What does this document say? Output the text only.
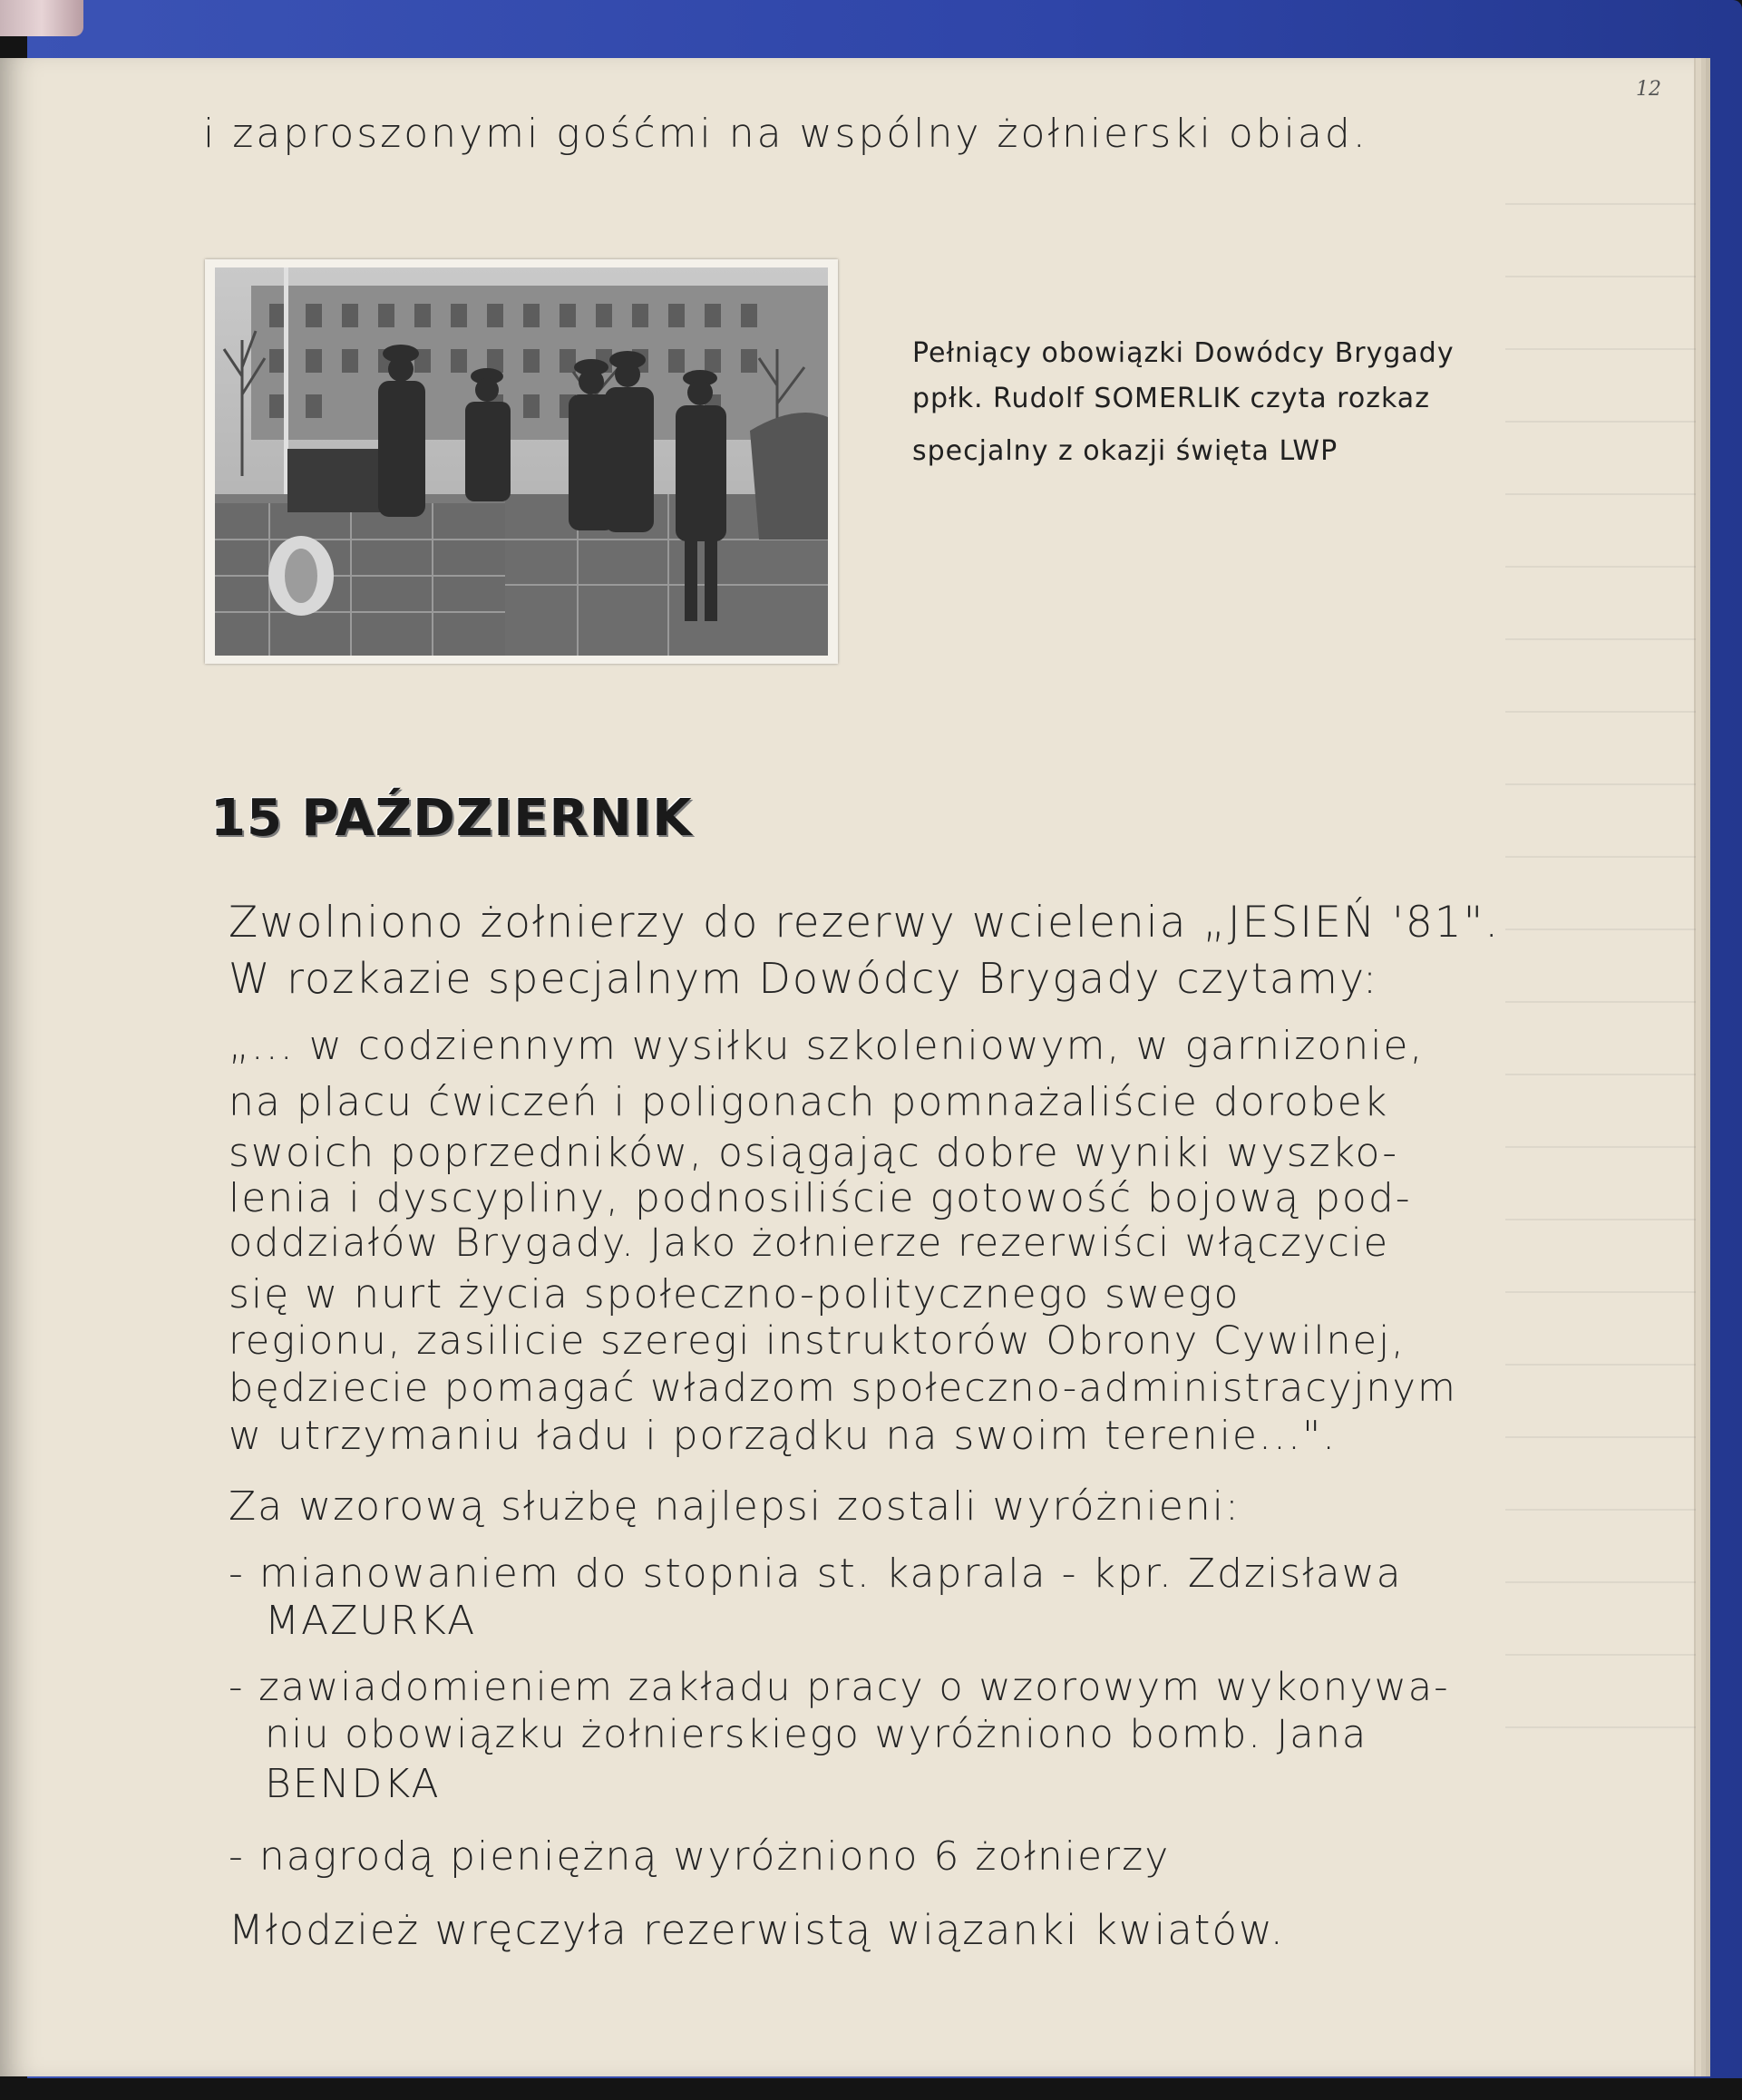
12
i zaproszonymi gośćmi na wspólny żołnierski obiad.
Pełniący obowiązki Dowódcy Brygady
ppłk. Rudolf SOMERLIK czyta rozkaz
specjalny z okazji święta LWP
15 PAŹDZIERNIK
Zwolniono żołnierzy do rezerwy wcielenia „JESIEŃ '81".
W rozkazie specjalnym Dowódcy Brygady czytamy:
„... w codziennym wysiłku szkoleniowym, w garnizonie,
na placu ćwiczeń i poligonach pomnażaliście dorobek
swoich poprzedników, osiągając dobre wyniki wyszko-
lenia i dyscypliny, podnosiliście gotowość bojową pod-
oddziałów Brygady. Jako żołnierze rezerwiści włączycie
się w nurt życia społeczno-politycznego swego
regionu, zasilicie szeregi instruktorów Obrony Cywilnej,
będziecie pomagać władzom społeczno-administracyjnym
w utrzymaniu ładu i porządku na swoim terenie...".
Za wzorową służbę najlepsi zostali wyróżnieni:
- mianowaniem do stopnia st. kaprala - kpr. Zdzisława
MAZURKA
- zawiadomieniem zakładu pracy o wzorowym wykonywa-
niu obowiązku żołnierskiego wyróżniono bomb. Jana
BENDKA
- nagrodą pieniężną wyróżniono 6 żołnierzy
Młodzież wręczyła rezerwistą wiązanki kwiatów.
